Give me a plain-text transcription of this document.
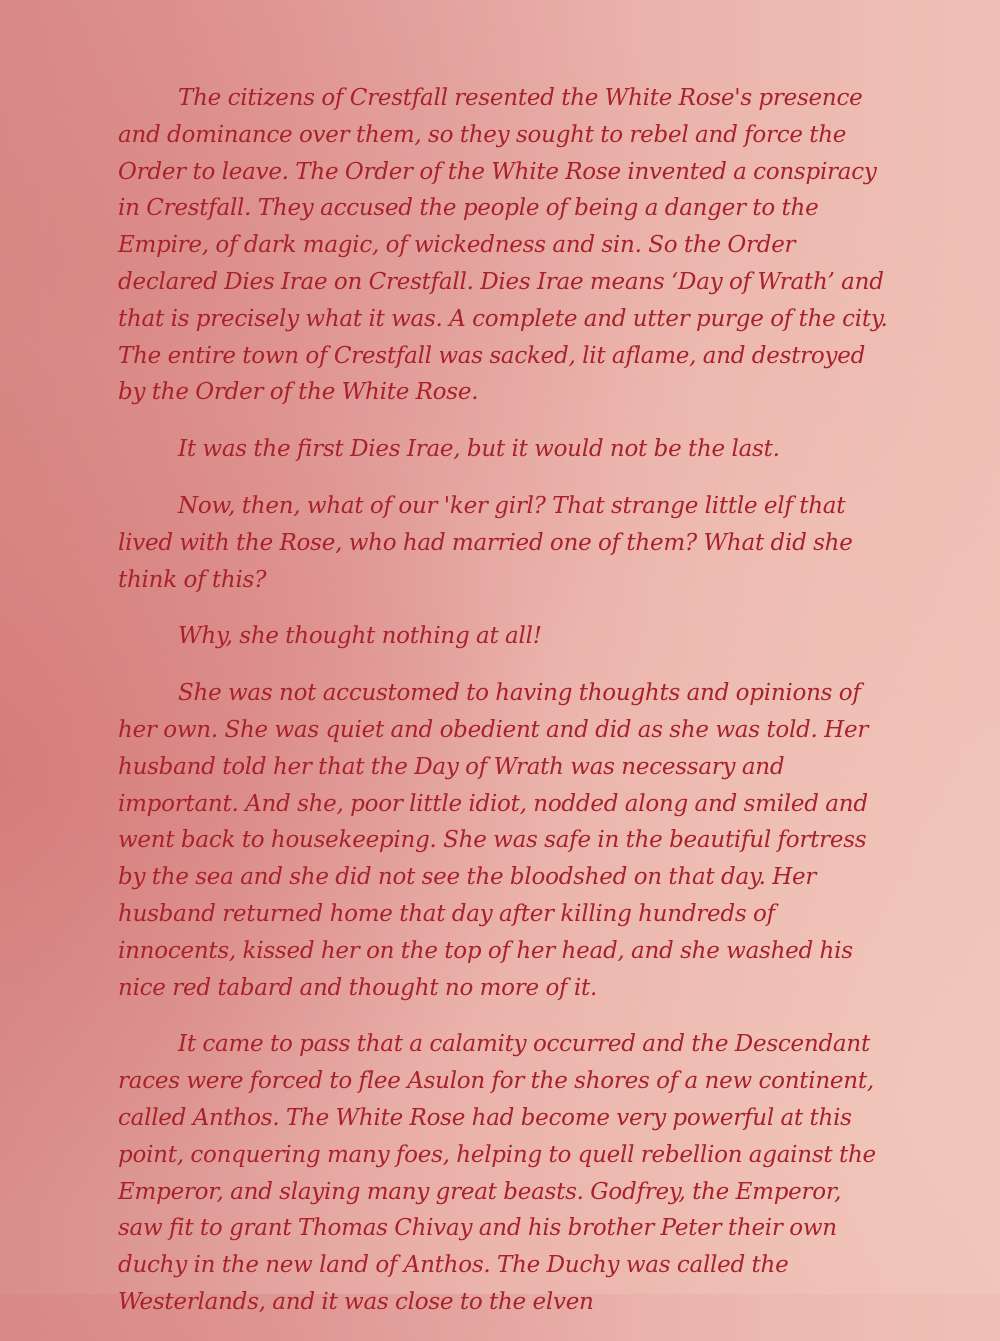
The citizens of Crestfall resented the White Rose's presence and dominance over them, so they sought to rebel and force the Order to leave. The Order of the White Rose invented a conspiracy in Crestfall. They accused the people of being a danger to the Empire, of dark magic, of wickedness and sin. So the Order declared Dies Irae on Crestfall. Dies Irae means ‘Day of Wrath’ and that is precisely what it was. A complete and utter purge of the city. The entire town of Crestfall was sacked, lit aflame, and destroyed by the Order of the White Rose.

It was the first Dies Irae, but it would not be the last.

Now, then, what of our 'ker girl? That strange little elf that lived with the Rose, who had married one of them? What did she think of this?

Why, she thought nothing at all!

She was not accustomed to having thoughts and opinions of her own. She was quiet and obedient and did as she was told. Her husband told her that the Day of Wrath was necessary and important. And she, poor little idiot, nodded along and smiled and went back to housekeeping. She was safe in the beautiful fortress by the sea and she did not see the bloodshed on that day. Her husband returned home that day after killing hundreds of innocents, kissed her on the top of her head, and she washed his nice red tabard and thought no more of it.

It came to pass that a calamity occurred and the Descendant races were forced to flee Asulon for the shores of a new continent, called Anthos. The White Rose had become very powerful at this point, conquering many foes, helping to quell rebellion against the Emperor, and slaying many great beasts. Godfrey, the Emperor, saw fit to grant Thomas Chivay and his brother Peter their own duchy in the new land of Anthos. The Duchy was called the Westerlands, and it was close to the elven
